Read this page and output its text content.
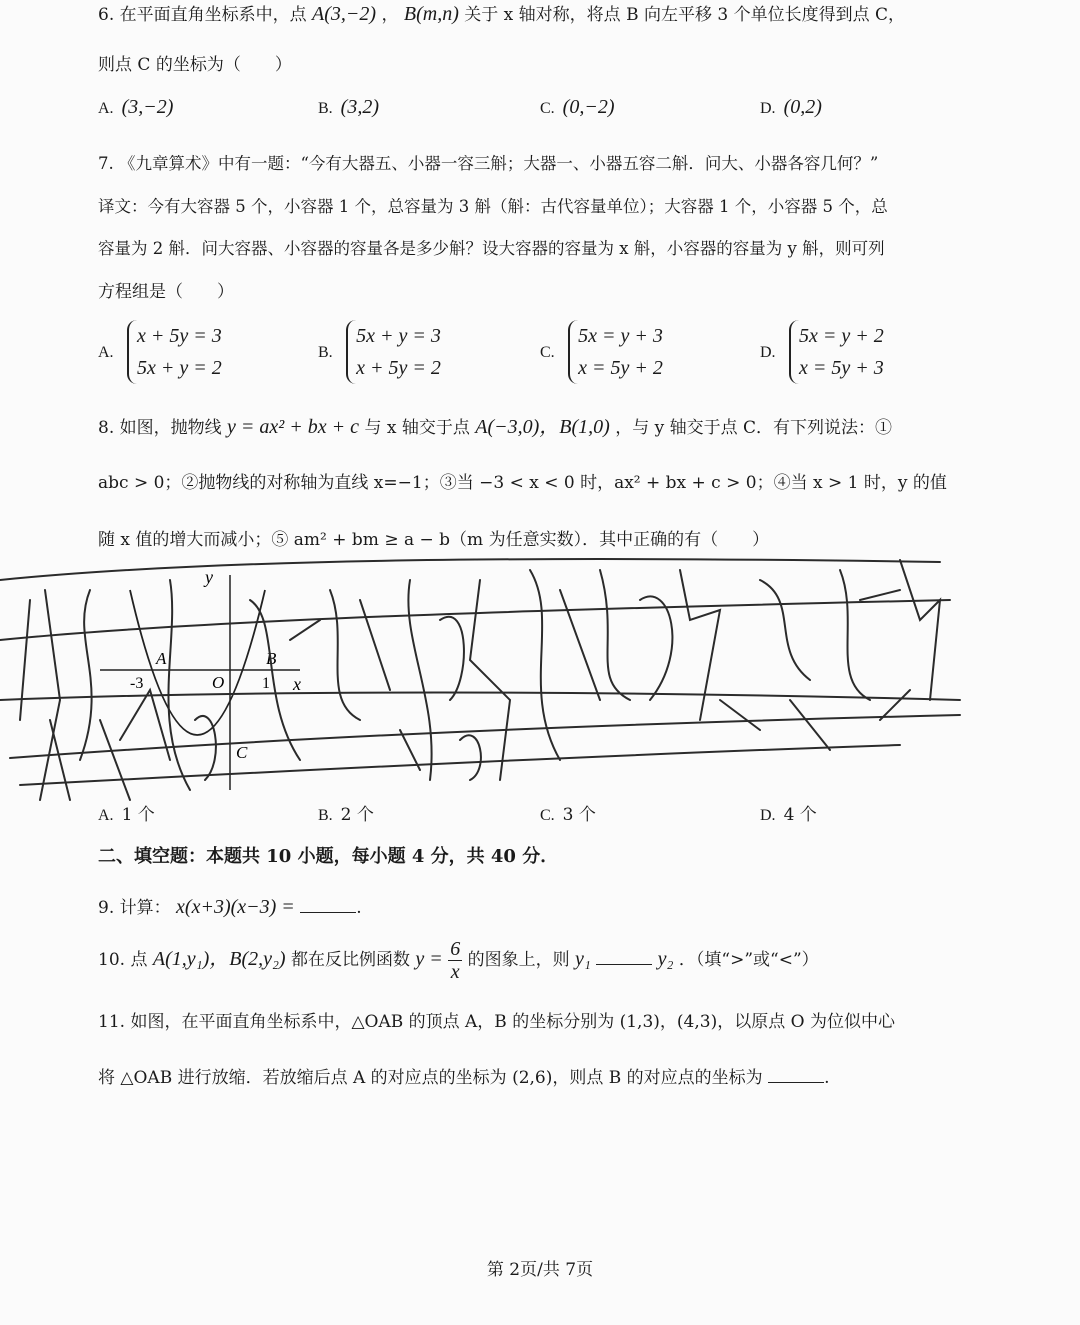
6. 在平面直角坐标系中，点 A(3,−2) ， B(m,n) 关于 x 轴对称，将点 B 向左平移 3 个单位长度得到点 C，
则点 C 的坐标为（　　）
A. (3,−2)	B. (3,2)	C. (0,−2)	D. (0,2)
7. 《九章算术》中有一题：“今有大器五、小器一容三斛；大器一、小器五容二斛．问大、小器各容几何？”
译文：今有大容器 5 个，小容器 1 个，总容量为 3 斛（斛：古代容量单位）；大容器 1 个，小容器 5 个，总
容量为 2 斛．问大容器、小容器的容量各是多少斛？设大容器的容量为 x 斛，小容器的容量为 y 斛，则可列
方程组是（　　）
A. x + 5y = 3
5x + y = 2
B. 5x + y = 3
x + 5y = 2
C. 5x = y + 3
x = 5y + 2
D. 5x = y + 2
x = 5y + 3
8. 如图，抛物线 y = ax² + bx + c 与 x 轴交于点 A(−3,0)，B(1,0) ，与 y 轴交于点 C．有下列说法：①
abc > 0；②抛物线的对称轴为直线 x=−1；③当 −3 < x < 0 时，ax² + bx + c > 0；④当 x > 1 时，y 的值
随 x 值的增大而减小；⑤ am² + bm ≥ a − b（m 为任意实数）．其中正确的有（　　）
y
x
A	B
O
C
-3	1
A. 1 个	B. 2 个	C. 3 个	D. 4 个
二、填空题：本题共 10 小题，每小题 4 分，共 40 分．
9. 计算： x(x+3)(x−3) =	.
10. 点 A(1,y₁)，B(2,y₂) 都在反比例函数 $y = \frac{6}{x}$ 的图象上，则 y₁	y₂ ．（填“>”或“<”）
11. 如图，在平面直角坐标系中，△OAB 的顶点 A，B 的坐标分别为 (1,3)，(4,3)，以原点 O 为位似中心
将 △OAB 进行放缩．若放缩后点 A 的对应点的坐标为 (2,6)，则点 B 的对应点的坐标为	.
第 2页/共 7页
